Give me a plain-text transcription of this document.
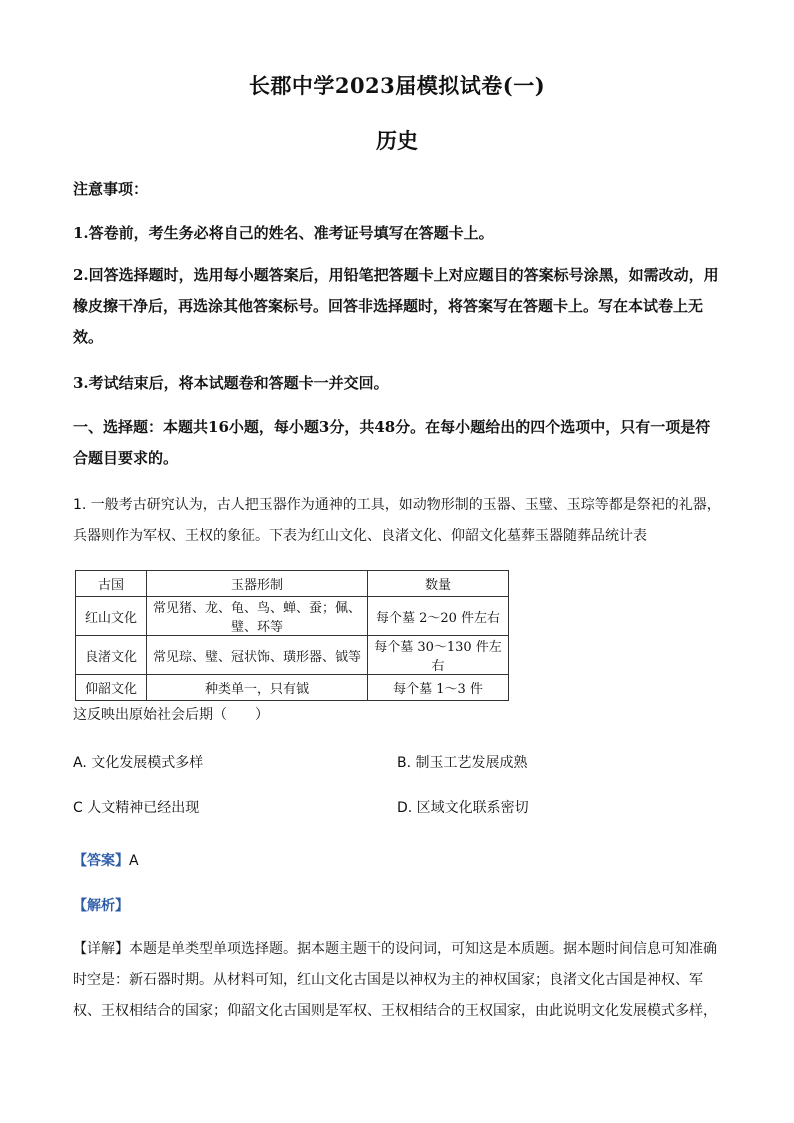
长郡中学2023届模拟试卷(一)
历史
注意事项：
1.答卷前，考生务必将自己的姓名、准考证号填写在答题卡上。
2.回答选择题时，选用每小题答案后，用铅笔把答题卡上对应题目的答案标号涂黑，如需改动，用橡皮擦干净后，再选涂其他答案标号。回答非选择题时，将答案写在答题卡上。写在本试卷上无效。
3.考试结束后，将本试题卷和答题卡一并交回。
一、选择题：本题共16小题，每小题3分，共48分。在每小题给出的四个选项中，只有一项是符合题目要求的。
1. 一般考古研究认为，古人把玉器作为通神的工具，如动物形制的玉器、玉璧、玉琮等都是祭祀的礼器，兵器则作为军权、王权的象征。下表为红山文化、良渚文化、仰韶文化墓葬玉器随葬品统计表
古国	玉器形制	数量
红山文化	常见猪、龙、龟、鸟、蝉、蚕；佩、璧、环等	每个墓 2～20 件左右
良渚文化	常见琮、璧、冠状饰、璜形器、钺等	每个墓 30～130 件左右
仰韶文化	种类单一，只有钺	每个墓 1～3 件
这反映出原始社会后期（　　）
A. 文化发展模式多样	B. 制玉工艺发展成熟
C 人文精神已经出现	D. 区域文化联系密切
【答案】A
【解析】
【详解】本题是单类型单项选择题。据本题主题干的设问词，可知这是本质题。据本题时间信息可知准确时空是：新石器时期。从材料可知，红山文化古国是以神权为主的神权国家；良渚文化古国是神权、军权、王权相结合的国家；仰韶文化古国则是军权、王权相结合的王权国家，由此说明文化发展模式多样，
